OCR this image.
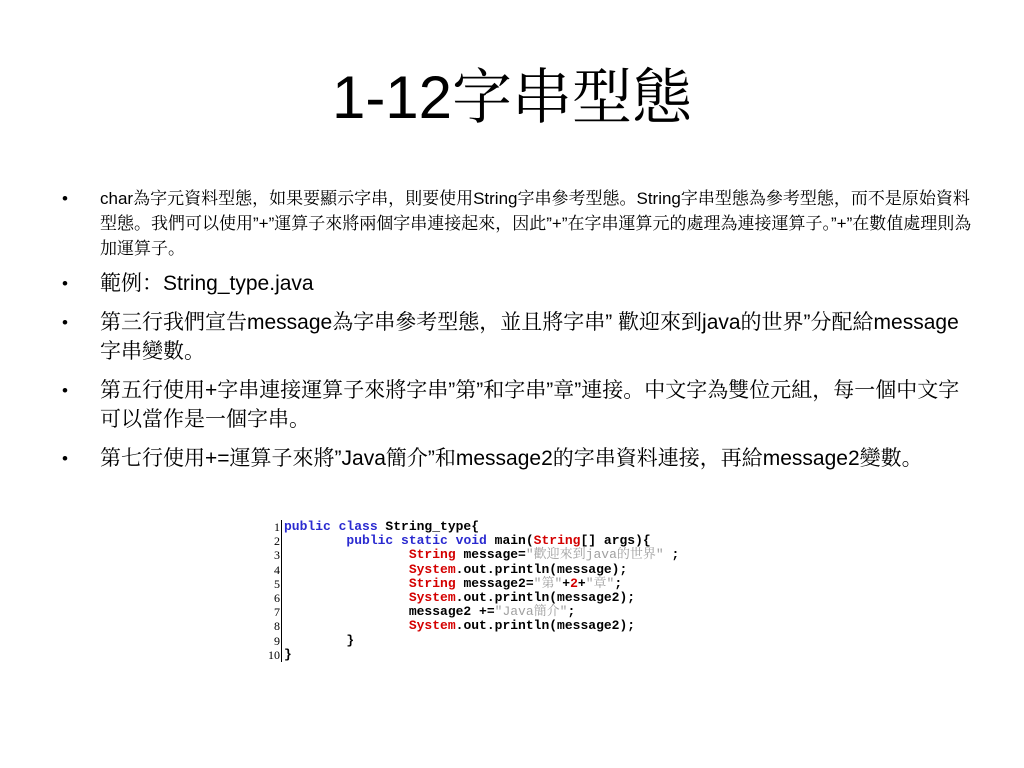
1-12字串型態
•	char為字元資料型態，如果要顯示字串，則要使用String字串參考型態。String字串型態為參考型態，而不是原始資料型態。我們可以使用”+”運算子來將兩個字串連接起來，因此”+”在字串運算元的處理為連接運算子。”+”在數值處理則為加運算子。
•	範例：String_type.java
•	第三行我們宣告message為字串參考型態，並且將字串” 歡迎來到java的世界”分配給message字串變數。
•	第五行使用+字串連接運算子來將字串”第”和字串”章”連接。中文字為雙位元組，每一個中文字可以當作是一個字串。
•	第七行使用+=運算子來將”Java簡介”和message2的字串資料連接，再給message2變數。
1 public class String_type{
2
	public static void main( String [] args){
3
	String message= "歡迎來到java的世界" ;
4
	System .out.println(message);
5
	String message2= "第" + 2 + "章" ;
6
	System .out.println(message2);
7
	message2 += "Java簡介" ;
8
	System .out.println(message2);
9 }
10 }
